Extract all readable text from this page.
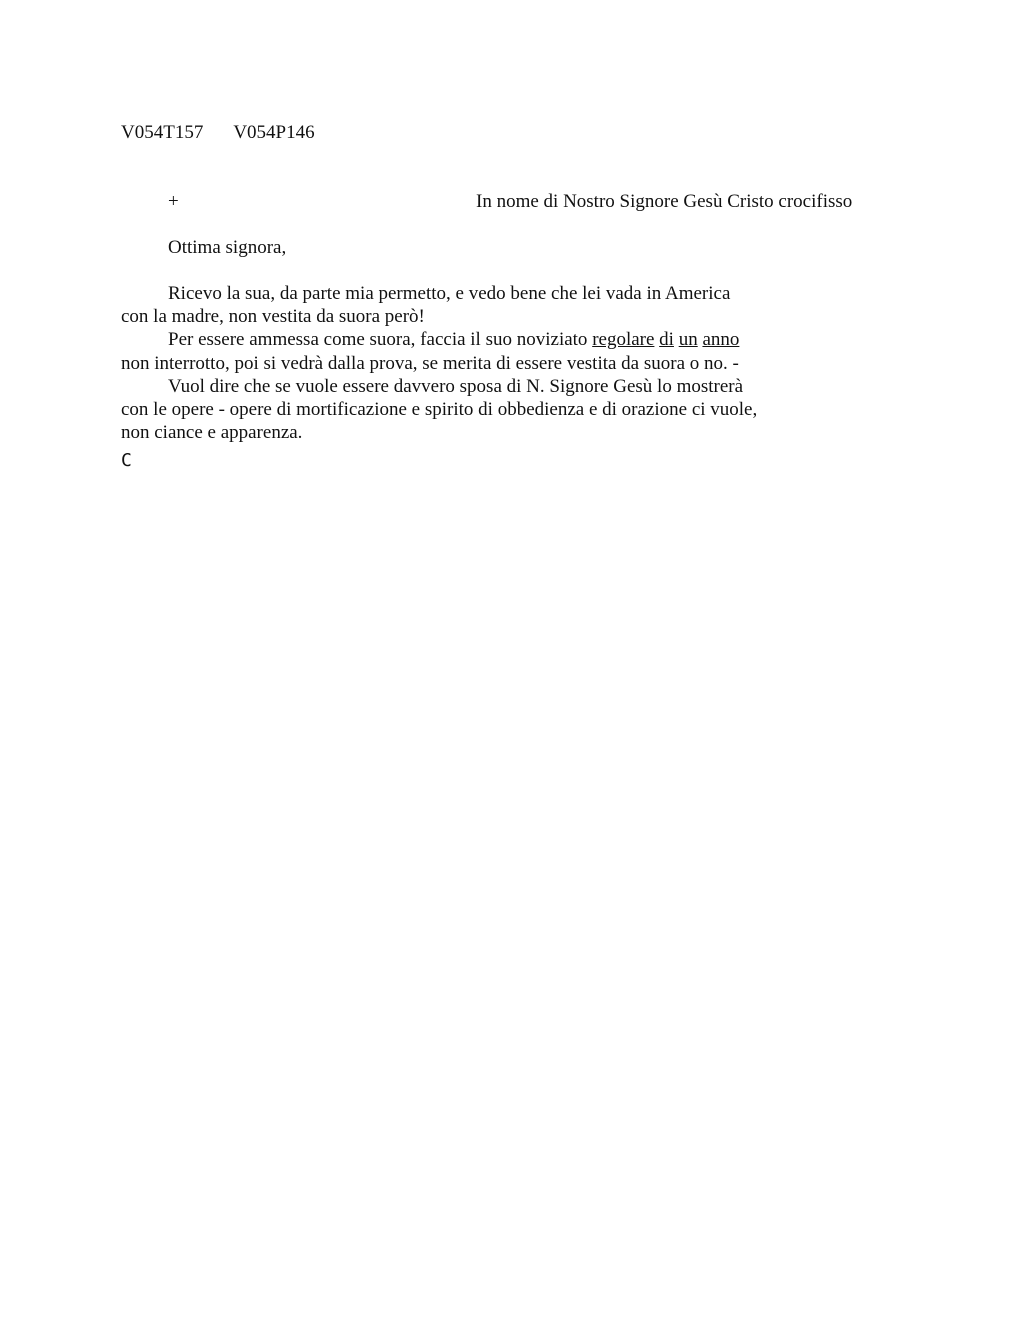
V054T157 V054P146
+	In nome di Nostro Signore Gesù Cristo crocifisso
Ottima signora,

Ricevo la sua, da parte mia permetto, e vedo bene che lei vada in America
con la madre, non vestita da suora però!

Per essere ammessa come suora, faccia il suo noviziato regolare di un anno
non interrotto, poi si vedrà dalla prova, se merita di essere vestita da suora o no. -

Vuol dire che se vuole essere davvero sposa di N. Signore Gesù lo mostrerà
con le opere - opere di mortificazione e spirito di obbedienza e di orazione ci vuole,
non ciance e apparenza.

C
